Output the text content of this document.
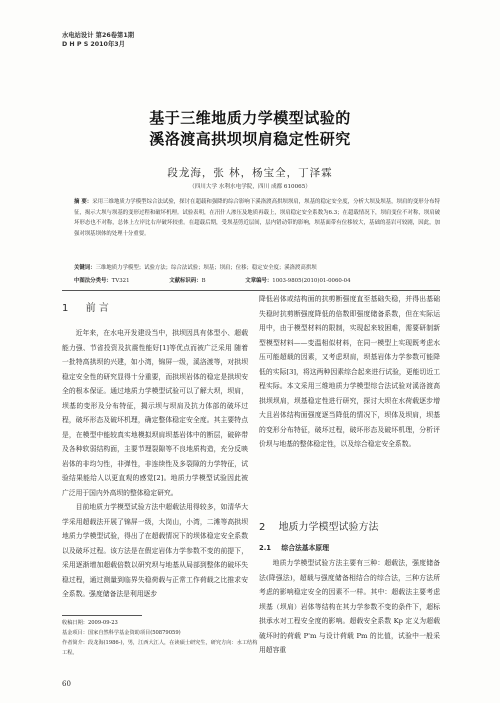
水电站设计 第26卷第1期
D H P S 2010年3月
基于三维地质力学模型试验的
溪洛渡高拱坝坝肩稳定性研究
段龙海，张 林，杨宝全，丁泽霖
（四川大学 水利水电学院，四川 成都 610065）
摘 要：采用三维地质力学模型综合法试验，探讨在超载和强降的综合影响下溪洛渡高拱坝坝肩，坝基的稳定安全度，分析大坝及坝基，坝肩的变形分布特征，揭示大坝与坝基的变形过程和破坏机理。试验表明，在汛什人渗压及地质再载上，坝肩稳定安全系数为6.3；在超载情况下，坝肩变位不对称，坝肩破坏形态也不对称，总体上左岸比右岸破坏较重。在超载后期，受坝基剪近层间，层内错动带的影响，坝基面带有位移较大，基础的基岩可较剧，因此，加强对坝基坝体的处理十分重要。
关键词：三维地质力学模型；试验方法；综合法试验；坝基；坝肩；位移；稳定安全度；溪洛渡高拱坝
中图法分类号：TV321	文献标识码：B	文章编号：1003-9805(2010)01-0060-04
1 前 言

近年来，在水电开发建设当中，拱坝因具有体型小、超载能力强、节省投资及抗震性能好[1]等优点而被广泛采用 随着一批特高拱坝的兴建，如小湾，锦屏一级，溪洛渡等，对拱坝稳定安全性的研究显得十分重要，而拱坝岩体的稳定是拱坝安全的根本保证。通过地质力学模型试验可以了解大坝，坝肩，坝基的变形及分布特征，揭示坝与坝肩及抗力体部的破坏过程，破坏形态及破坏机理，确定整体稳定安全度。其主要特点是，在模型中能较真实地模拟坝肩坝基岩体中的断层，破碎带及各种软弱结构面，主要节理裂隙等不良地质构造，充分反映岩体的非均匀性，非弹性，非连续性及多裂隙的力学特征，试验结果能给人以更直观的感觉[2]。地质力学模型试验因此被广泛用于国内外高坝的整体稳定研究。

目前地质力学模型试验方法中超载法用得较多，如清华大学采用超载法开展了锦屏一级，大岗山，小湾，二滩等高拱坝地质力学模型试验，得出了在超载情况下的坝体稳定安全系数以及破坏过程。该方法是在假定岩体力学参数不变的前提下，采用逐渐增加超载倍数以研究坝与地基从局部到整体的破坏失稳过程，通过测量到临界失稳荷载与正常工作荷载之比推求安全系数。强度储备法是利用逐步

降低岩体或结构面的抗剪断强度直至基础失稳，并得出基础失稳时抗剪断强度降低的倍数即强度储备系数，但在实际运用中，由于模型材料的限制，实现起来较困难，需要研制新型模型材料——变温相似材料，在同一模型上实现既考虑水压可能超载的因素，又考虑坝肩，坝基岩体力学参数可能降低的实际[3]，将这两种因素综合起来进行试验，更能切近工程实际。本文采用三维地质力学模型综合法试验对溪洛渡高拱坝坝肩，坝基稳定性进行研究，探讨大坝在水荷载逐步增大且岩体结构面强度逐当降低的情况下，坝体及坝肩，坝基的变形分布特征，破坏过程，破坏形态及破坏机理，分析评价坝与地基的整体稳定性，以及综合稳定安全系数。

2 地质力学模型试验方法
2.1 综合法基本原理

地质力学模型试验方法主要有三种：超载法，强度储备法(降强法)，超载与强度储备相结合的综合法，三种方法所考虑的影响稳定安全的因素不一样。其中：超载法主要考虑坝基（坝肩）岩体等结构在其力学参数不变的条件下，超标拱承水对工程安全度的影响。超载安全系数 Kp 定义为超载破坏时的荷载 P'm 与设计荷载 Pm 的比值，试验中一般采用超容重

收稿日期：2009-09-23
基金项目：国家自然科学基金资助项目(50879059)
作者简介：段龙海(1986-)，男，江西大江人，在读硕士研究生，研究方向：水工结构工程。
60
